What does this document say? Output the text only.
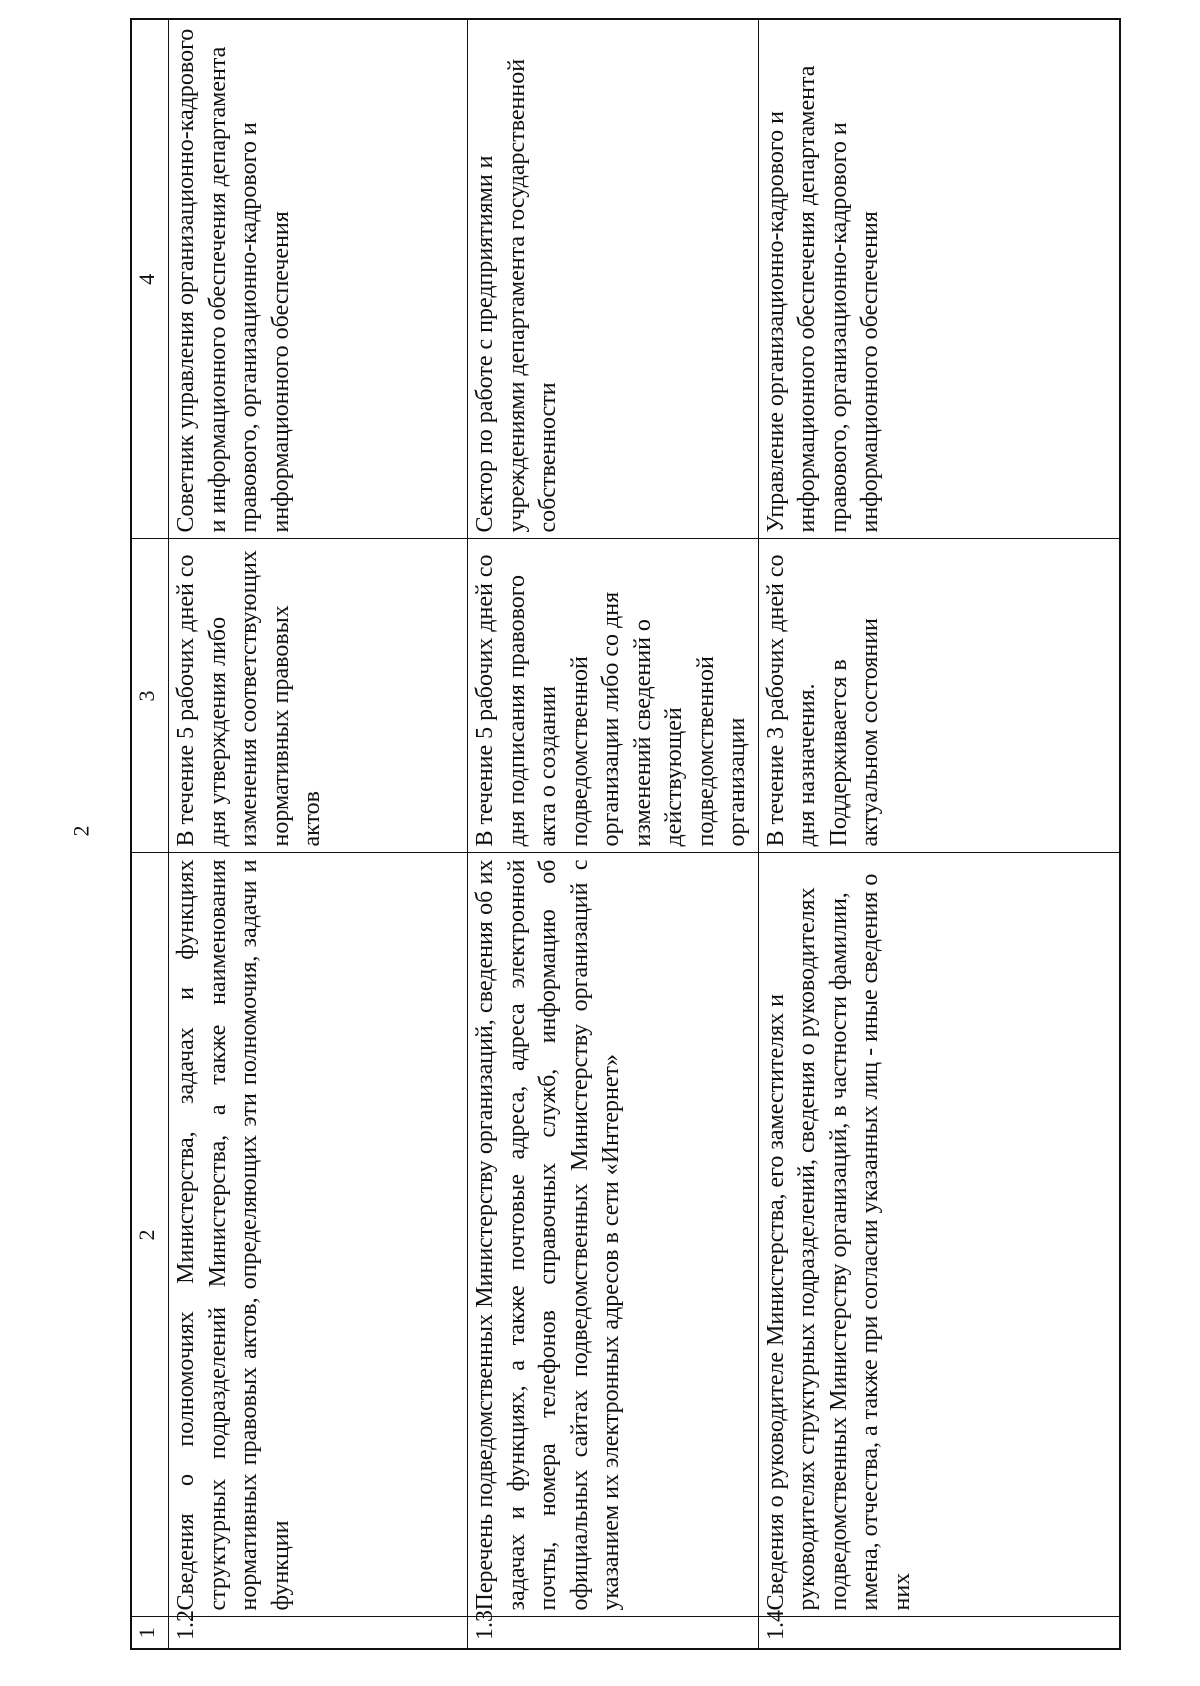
2
1	2	3	4
1.2	Сведения о полномочиях Министерства, задачах и функциях структурных подразделений Министерства, а также наименования нормативных правовых актов, определяющих эти полномочия, задачи и функции	В течение 5 рабочих дней со дня утверждения либо изменения соответствующих нормативных правовых актов	Советник управления организационно-кадрового и информационного обеспечения департамента правового, организационно-кадрового и информационного обеспечения
1.3	Перечень подведомственных Министерству организаций, сведения об их задачах и функциях, а также почтовые адреса, адреса электронной почты, номера телефонов справочных служб, информацию об официальных сайтах подведомственных Министерству организаций с указанием их электронных адресов в сети «Интернет»	В течение 5 рабочих дней со дня подписания правового акта о создании подведомственной организации либо со дня изменений сведений о действующей подведомственной организации	Сектор по работе с предприятиями и учреждениями департамента государственной собственности
1.4	Сведения о руководителе Министерства, его заместителях и руководителях структурных подразделений, сведения о руководителях подведомственных Министерству организаций, в частности фамилии, имена, отчества, а также при согласии указанных лиц - иные сведения о них	В течение 3 рабочих дней со дня назначения. Поддерживается в актуальном состоянии	Управление организационно-кадрового и информационного обеспечения департамента правового, организационно-кадрового и информационного обеспечения
